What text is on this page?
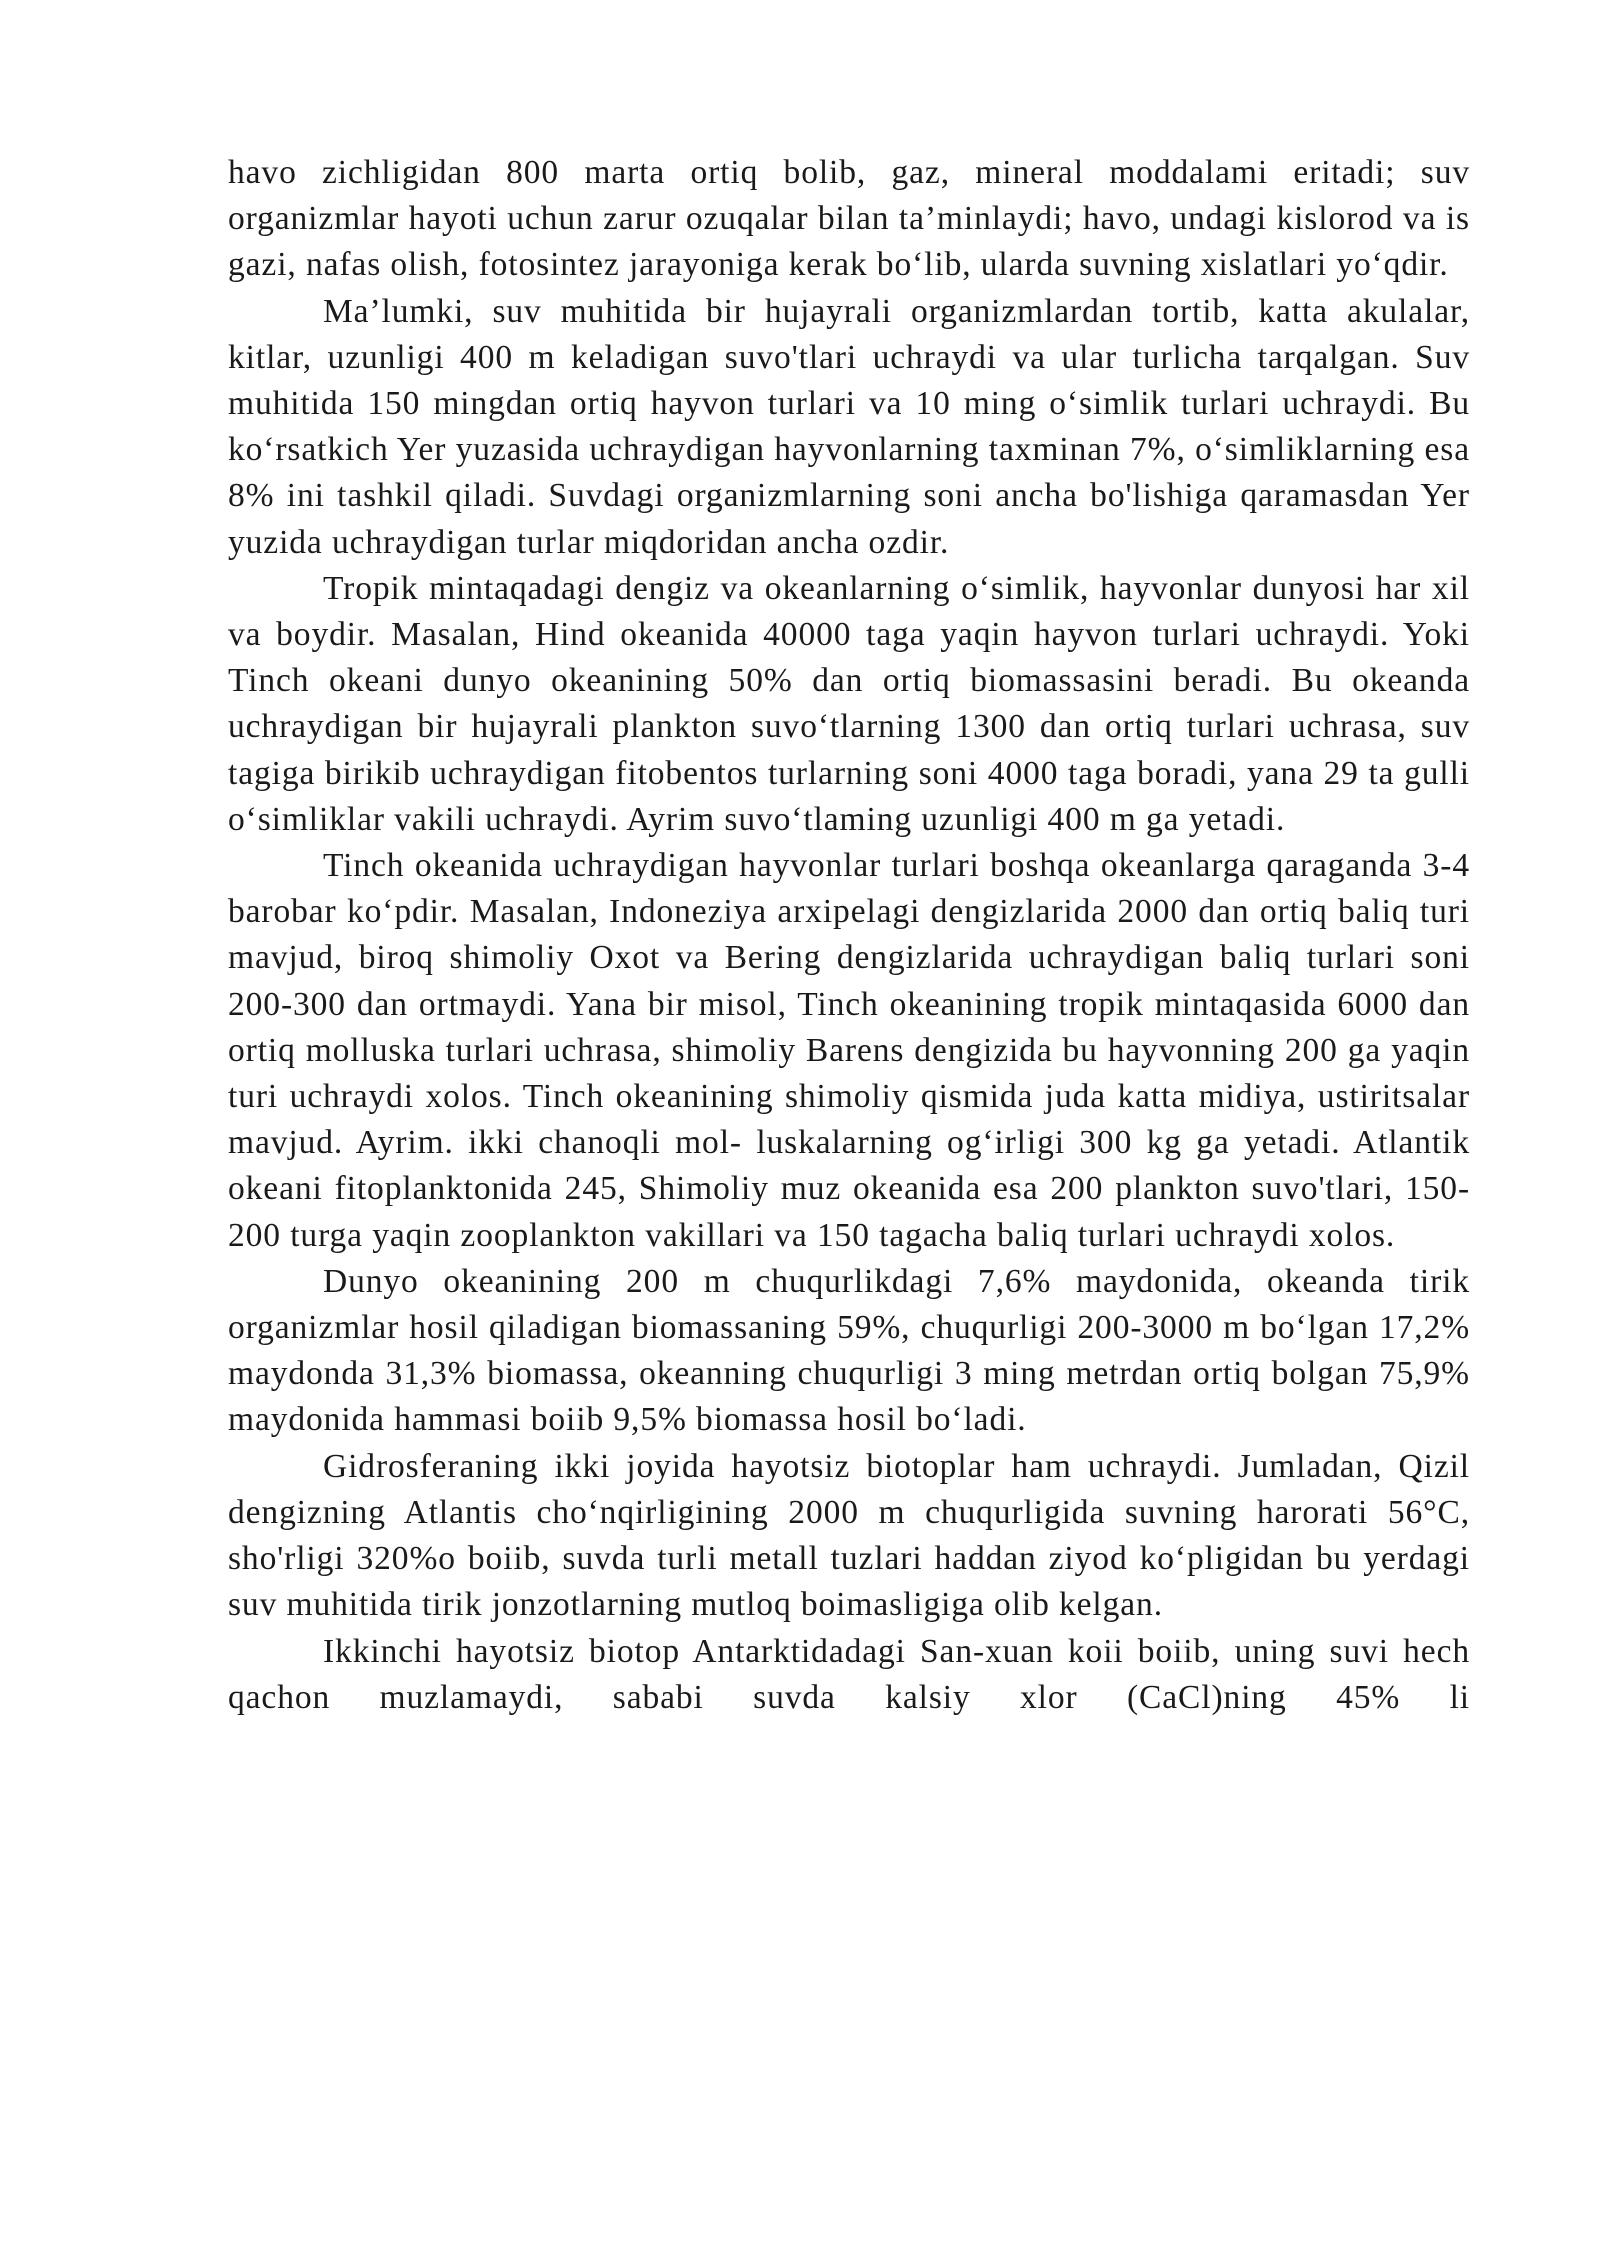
havo zichligidan 800 marta ortiq bolib, gaz, mineral moddalami eritadi; suv organizmlar hayoti uchun zarur ozuqalar bilan ta’minlaydi; havo, undagi kislorod va is gazi, nafas olish, fotosintez jarayoniga kerak bo‘lib, ularda suvning xislatlari yo‘qdir.

Ma’lumki, suv muhitida bir hujayrali organizmlardan tortib, katta akulalar, kitlar, uzunligi 400 m keladigan suvo'tlari uchraydi va ular turlicha tarqalgan. Suv muhitida 150 mingdan ortiq hayvon turlari va 10 ming o‘simlik turlari uchraydi. Bu ko‘rsatkich Yer yuzasida uchraydigan hayvonlarning taxminan 7%, o‘simliklarning esa 8% ini tashkil qiladi. Suvdagi organizmlarning soni ancha bo'lishiga qaramasdan Yer yuzida uchraydigan turlar miqdoridan ancha ozdir.

Tropik mintaqadagi dengiz va okeanlarning o‘simlik, hayvonlar dunyosi har xil va boydir. Masalan, Hind okeanida 40000 taga yaqin hayvon turlari uchraydi. Yoki Tinch okeani dunyo okeanining 50% dan ortiq biomassasini beradi. Bu okeanda uchraydigan bir hujayrali plankton suvo‘tlarning 1300 dan ortiq turlari uchrasa, suv tagiga birikib uchraydigan fitobentos turlarning soni 4000 taga boradi, yana 29 ta gulli o‘simliklar vakili uchraydi. Ayrim suvo‘tlaming uzunligi 400 m ga yetadi.

Tinch okeanida uchraydigan hayvonlar turlari boshqa okeanlarga qaraganda 3-4 barobar ko‘pdir. Masalan, Indoneziya arxipelagi dengizlarida 2000 dan ortiq baliq turi mavjud, biroq shimoliy Oxot va Bering dengizlarida uchraydigan baliq turlari soni 200-300 dan ortmaydi. Yana bir misol, Tinch okeanining tropik mintaqasida 6000 dan ortiq molluska turlari uchrasa, shimoliy Barens dengizida bu hayvonning 200 ga yaqin turi uchraydi xolos. Tinch okeanining shimoliy qismida juda katta midiya, ustiritsalar mavjud. Ayrim. ikki chanoqli mol- luskalarning og‘irligi 300 kg ga yetadi. Atlantik okeani fitoplanktonida 245, Shimoliy muz okeanida esa 200 plankton suvo'tlari, 150-200 turga yaqin zooplankton vakillari va 150 tagacha baliq turlari uchraydi xolos.

Dunyo okeanining 200 m chuqurlikdagi 7,6% maydonida, okeanda tirik organizmlar hosil qiladigan biomassaning 59%, chuqurligi 200-3000 m bo‘lgan 17,2% maydonda 31,3% biomassa, okeanning chuqurligi 3 ming metrdan ortiq bolgan 75,9% maydonida hammasi boiib 9,5% biomassa hosil bo‘ladi.

Gidrosferaning ikki joyida hayotsiz biotoplar ham uchraydi. Jumladan, Qizil dengizning Atlantis cho‘nqirligining 2000 m chuqurligida suvning harorati 56°C, sho'rligi 320%o boiib, suvda turli metall tuzlari haddan ziyod ko‘pligidan bu yerdagi suv muhitida tirik jonzotlarning mutloq boimasligiga olib kelgan.

Ikkinchi hayotsiz biotop Antarktidadagi San-xuan koii boiib, uning suvi hech qachon muzlamaydi, sababi suvda kalsiy xlor (CaCl)ning 45% li
